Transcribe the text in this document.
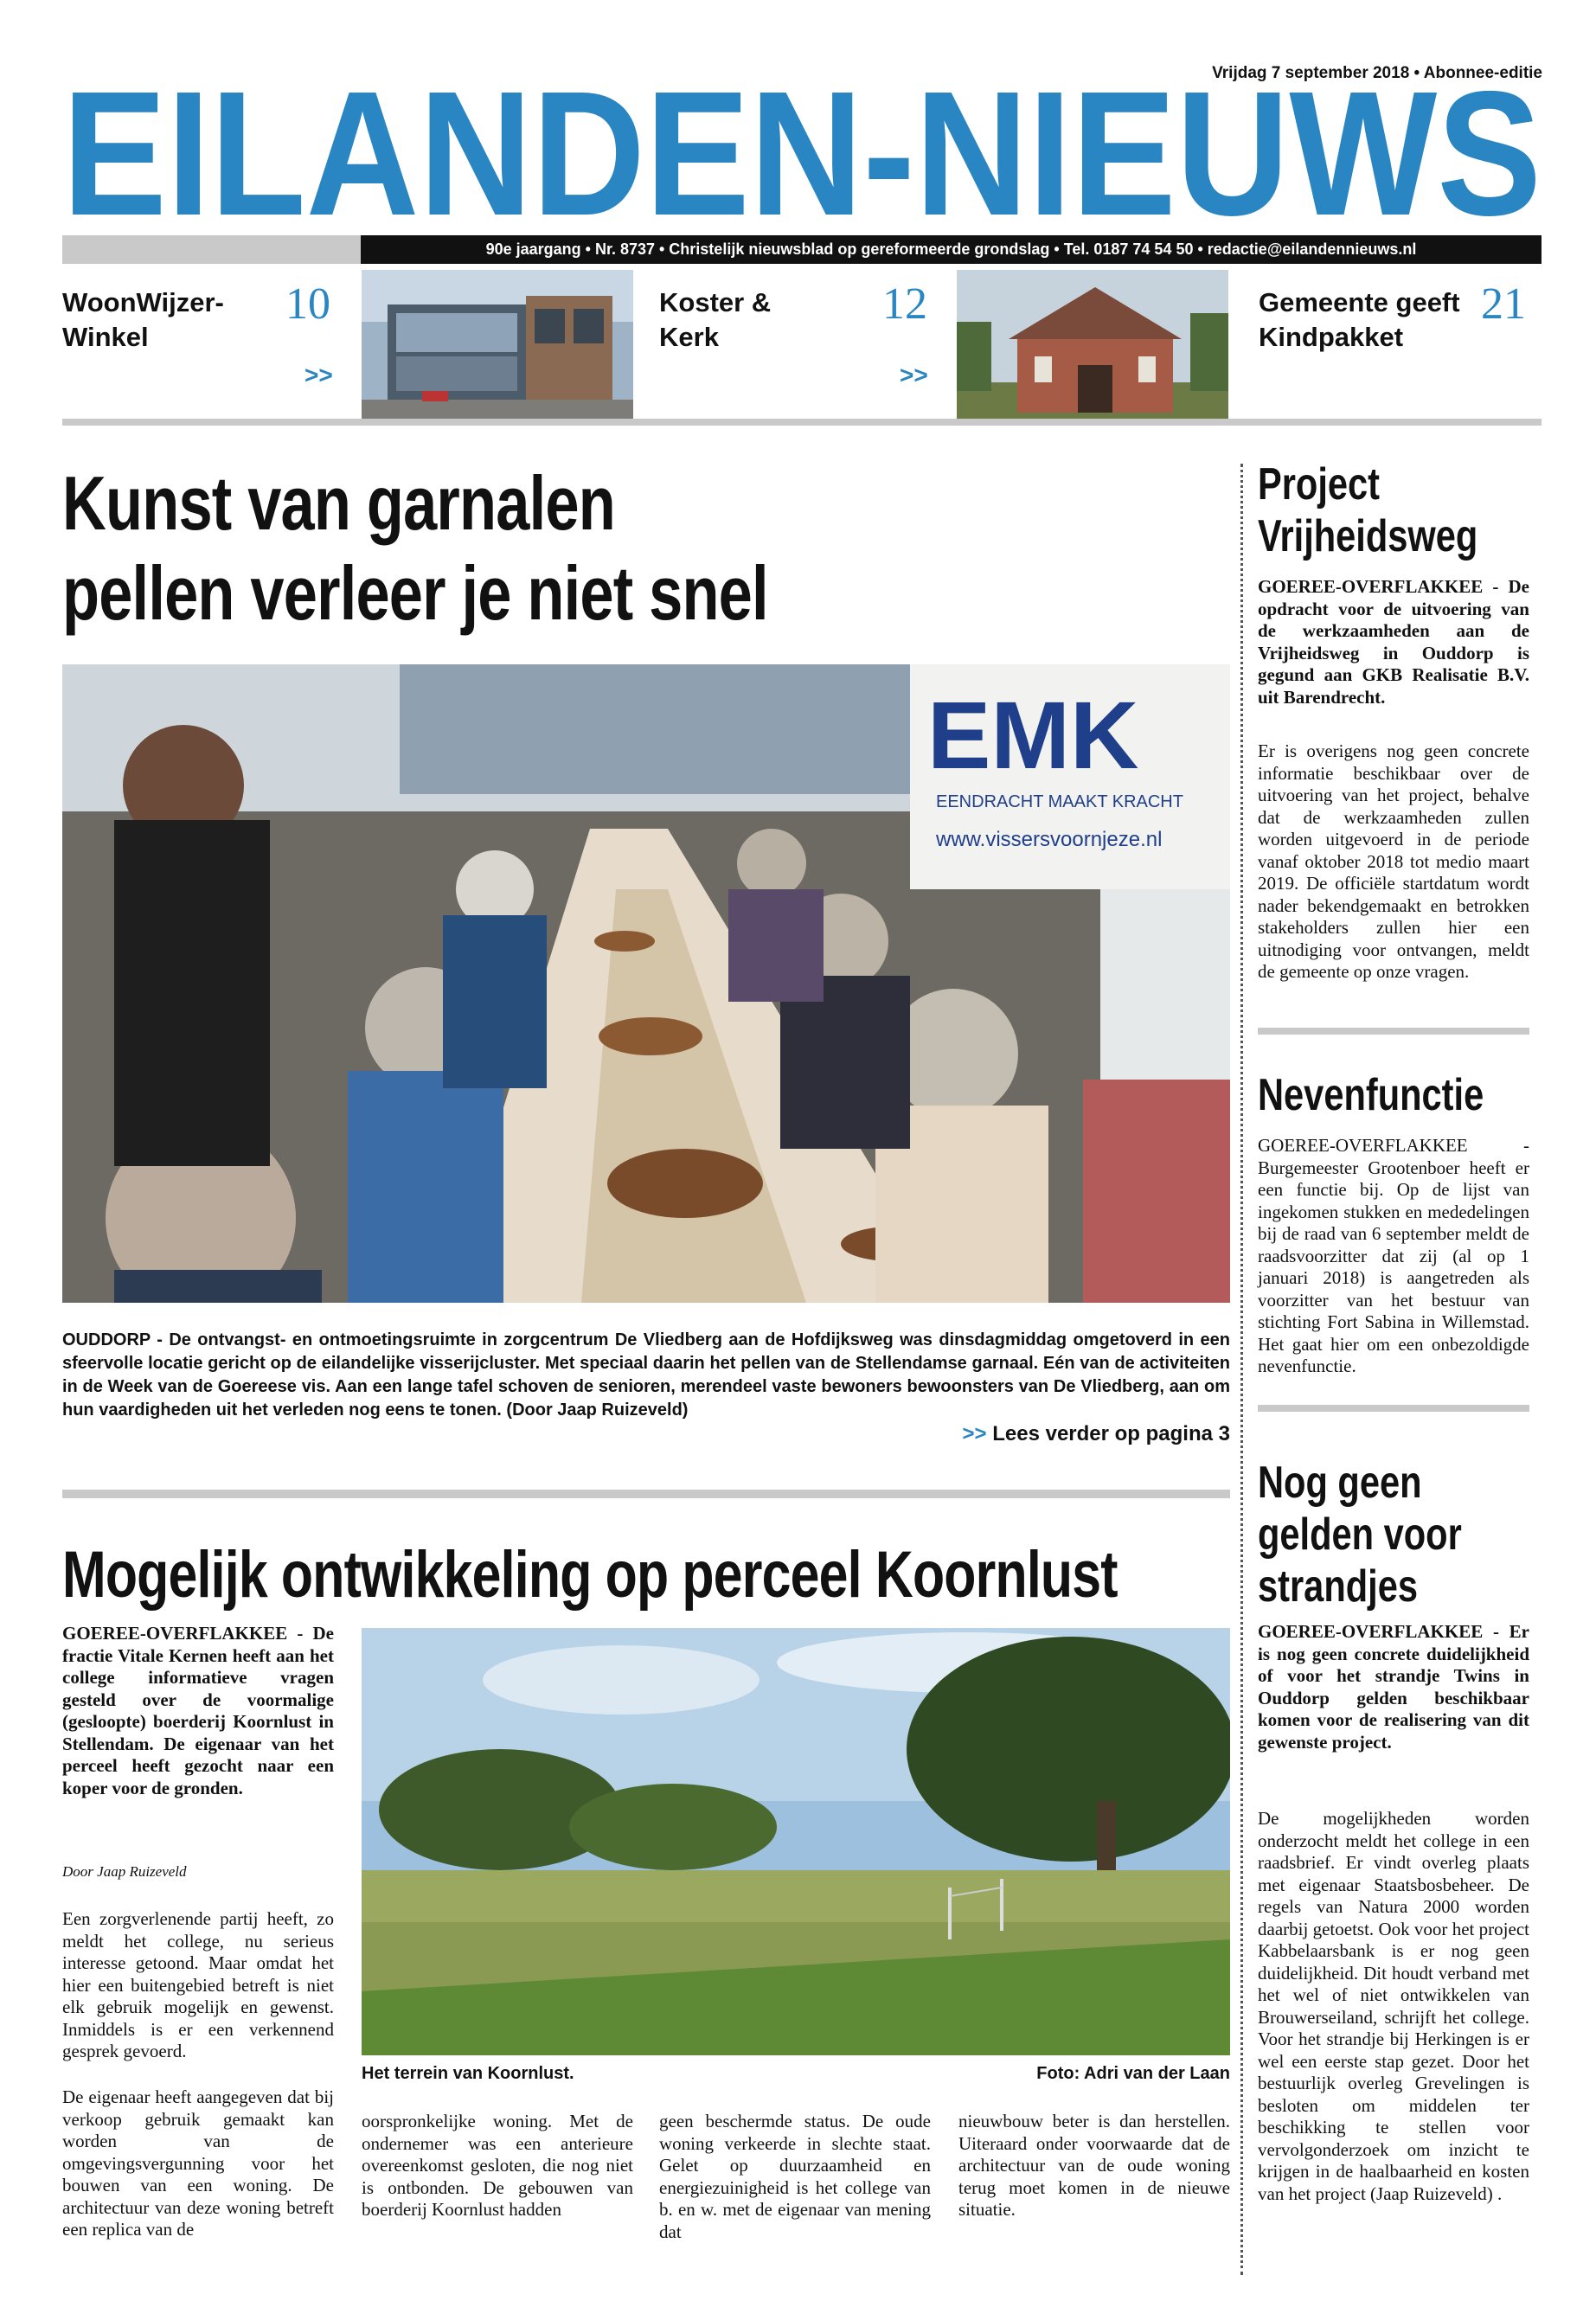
Vrijdag 7 september 2018 • Abonnee-editie
EILANDEN-NIEUWS
90e jaargang • Nr. 8737 • Christelijk nieuwsblad op gereformeerde grondslag • Tel. 0187 74 54 50 • redactie@eilandennieuws.nl
WoonWijzer-
Winkel
10
>>
Koster &
Kerk
12
>>
Gemeente geeft
Kindpakket
21
Kunst van garnalen
pellen verleer je niet snel
EMK
EENDRACHT MAAKT KRACHT
www.vissersvoornjeze.nl
OUDDORP - De ontvangst- en ontmoetingsruimte in zorgcentrum De Vliedberg aan de Hofdijksweg was dinsdagmiddag omgetoverd in een sfeervolle locatie gericht op de eilandelijke visserijcluster. Met speciaal daarin het pellen van de Stellendamse garnaal. Eén van de activiteiten in de Week van de Goereese vis. Aan een lange tafel schoven de senioren, merendeel vaste bewoners bewoonsters van De Vliedberg, aan om hun vaardigheden uit het verleden nog eens te tonen. (Door Jaap Ruizeveld)
>> Lees verder op pagina 3
Mogelijk ontwikkeling op perceel Koornlust
GOEREE-OVERFLAKKEE - De fractie Vitale Kernen heeft aan het college informatieve vragen gesteld over de voormalige (gesloopte) boerderij Koornlust in Stellendam. De eigenaar van het perceel heeft gezocht naar een koper voor de gronden.
Door Jaap Ruizeveld
Een zorgverlenende partij heeft, zo meldt het college, nu serieus interesse getoond. Maar omdat het hier een buitengebied betreft is niet elk gebruik mogelijk en gewenst. Inmiddels is er een verkennend gesprek gevoerd.
De eigenaar heeft aangegeven dat bij verkoop gebruik gemaakt kan worden van de omgevingsvergunning voor het bouwen van een woning. De architectuur van deze woning betreft een replica van de
Het terrein van Koornlust.	Foto: Adri van der Laan
oorspronkelijke woning. Met de ondernemer was een anterieure overeenkomst gesloten, die nog niet is ontbonden. De gebouwen van boerderij Koornlust hadden
geen beschermde status. De oude woning verkeerde in slechte staat. Gelet op duurzaamheid en energiezuinigheid is het college van b. en w. met de eigenaar van mening dat
nieuwbouw beter is dan herstellen. Uiteraard onder voorwaarde dat de architectuur van de oude woning terug moet komen in de nieuwe situatie.
Project
Vrijheidsweg
GOEREE-OVERFLAKKEE - De opdracht voor de uitvoering van de werkzaamheden aan de Vrijheidsweg in Ouddorp is gegund aan GKB Realisatie B.V. uit Barendrecht.
Er is overigens nog geen concrete informatie beschikbaar over de uitvoering van het project, behalve dat de werkzaamheden zullen worden uitgevoerd in de periode vanaf oktober 2018 tot medio maart 2019. De officiële startdatum wordt nader bekendgemaakt en betrokken stakeholders zullen hier een uitnodiging voor ontvangen, meldt de gemeente op onze vragen.
Nevenfunctie
GOEREE-OVERFLAKKEE - Burgemeester Grootenboer heeft er een functie bij. Op de lijst van ingekomen stukken en mededelingen bij de raad van 6 september meldt de raadsvoorzitter dat zij (al op 1 januari 2018) is aangetreden als voorzitter van het bestuur van stichting Fort Sabina in Willemstad. Het gaat hier om een onbezoldigde nevenfunctie.
Nog geen
gelden voor
strandjes
GOEREE-OVERFLAKKEE - Er is nog geen concrete duidelijkheid of voor het strandje Twins in Ouddorp gelden beschikbaar komen voor de realisering van dit gewenste project.
De mogelijkheden worden onderzocht meldt het college in een raadsbrief. Er vindt overleg plaats met eigenaar Staatsbosbeheer. De regels van Natura 2000 worden daarbij getoetst. Ook voor het project Kabbelaarsbank is er nog geen duidelijkheid. Dit houdt verband met het wel of niet ontwikkelen van Brouwerseiland, schrijft het college. Voor het strandje bij Herkingen is er wel een eerste stap gezet. Door het bestuurlijk overleg Grevelingen is besloten om middelen ter beschikking te stellen voor vervolgonderzoek om inzicht te krijgen in de haalbaarheid en kosten van het project (Jaap Ruizeveld) .
